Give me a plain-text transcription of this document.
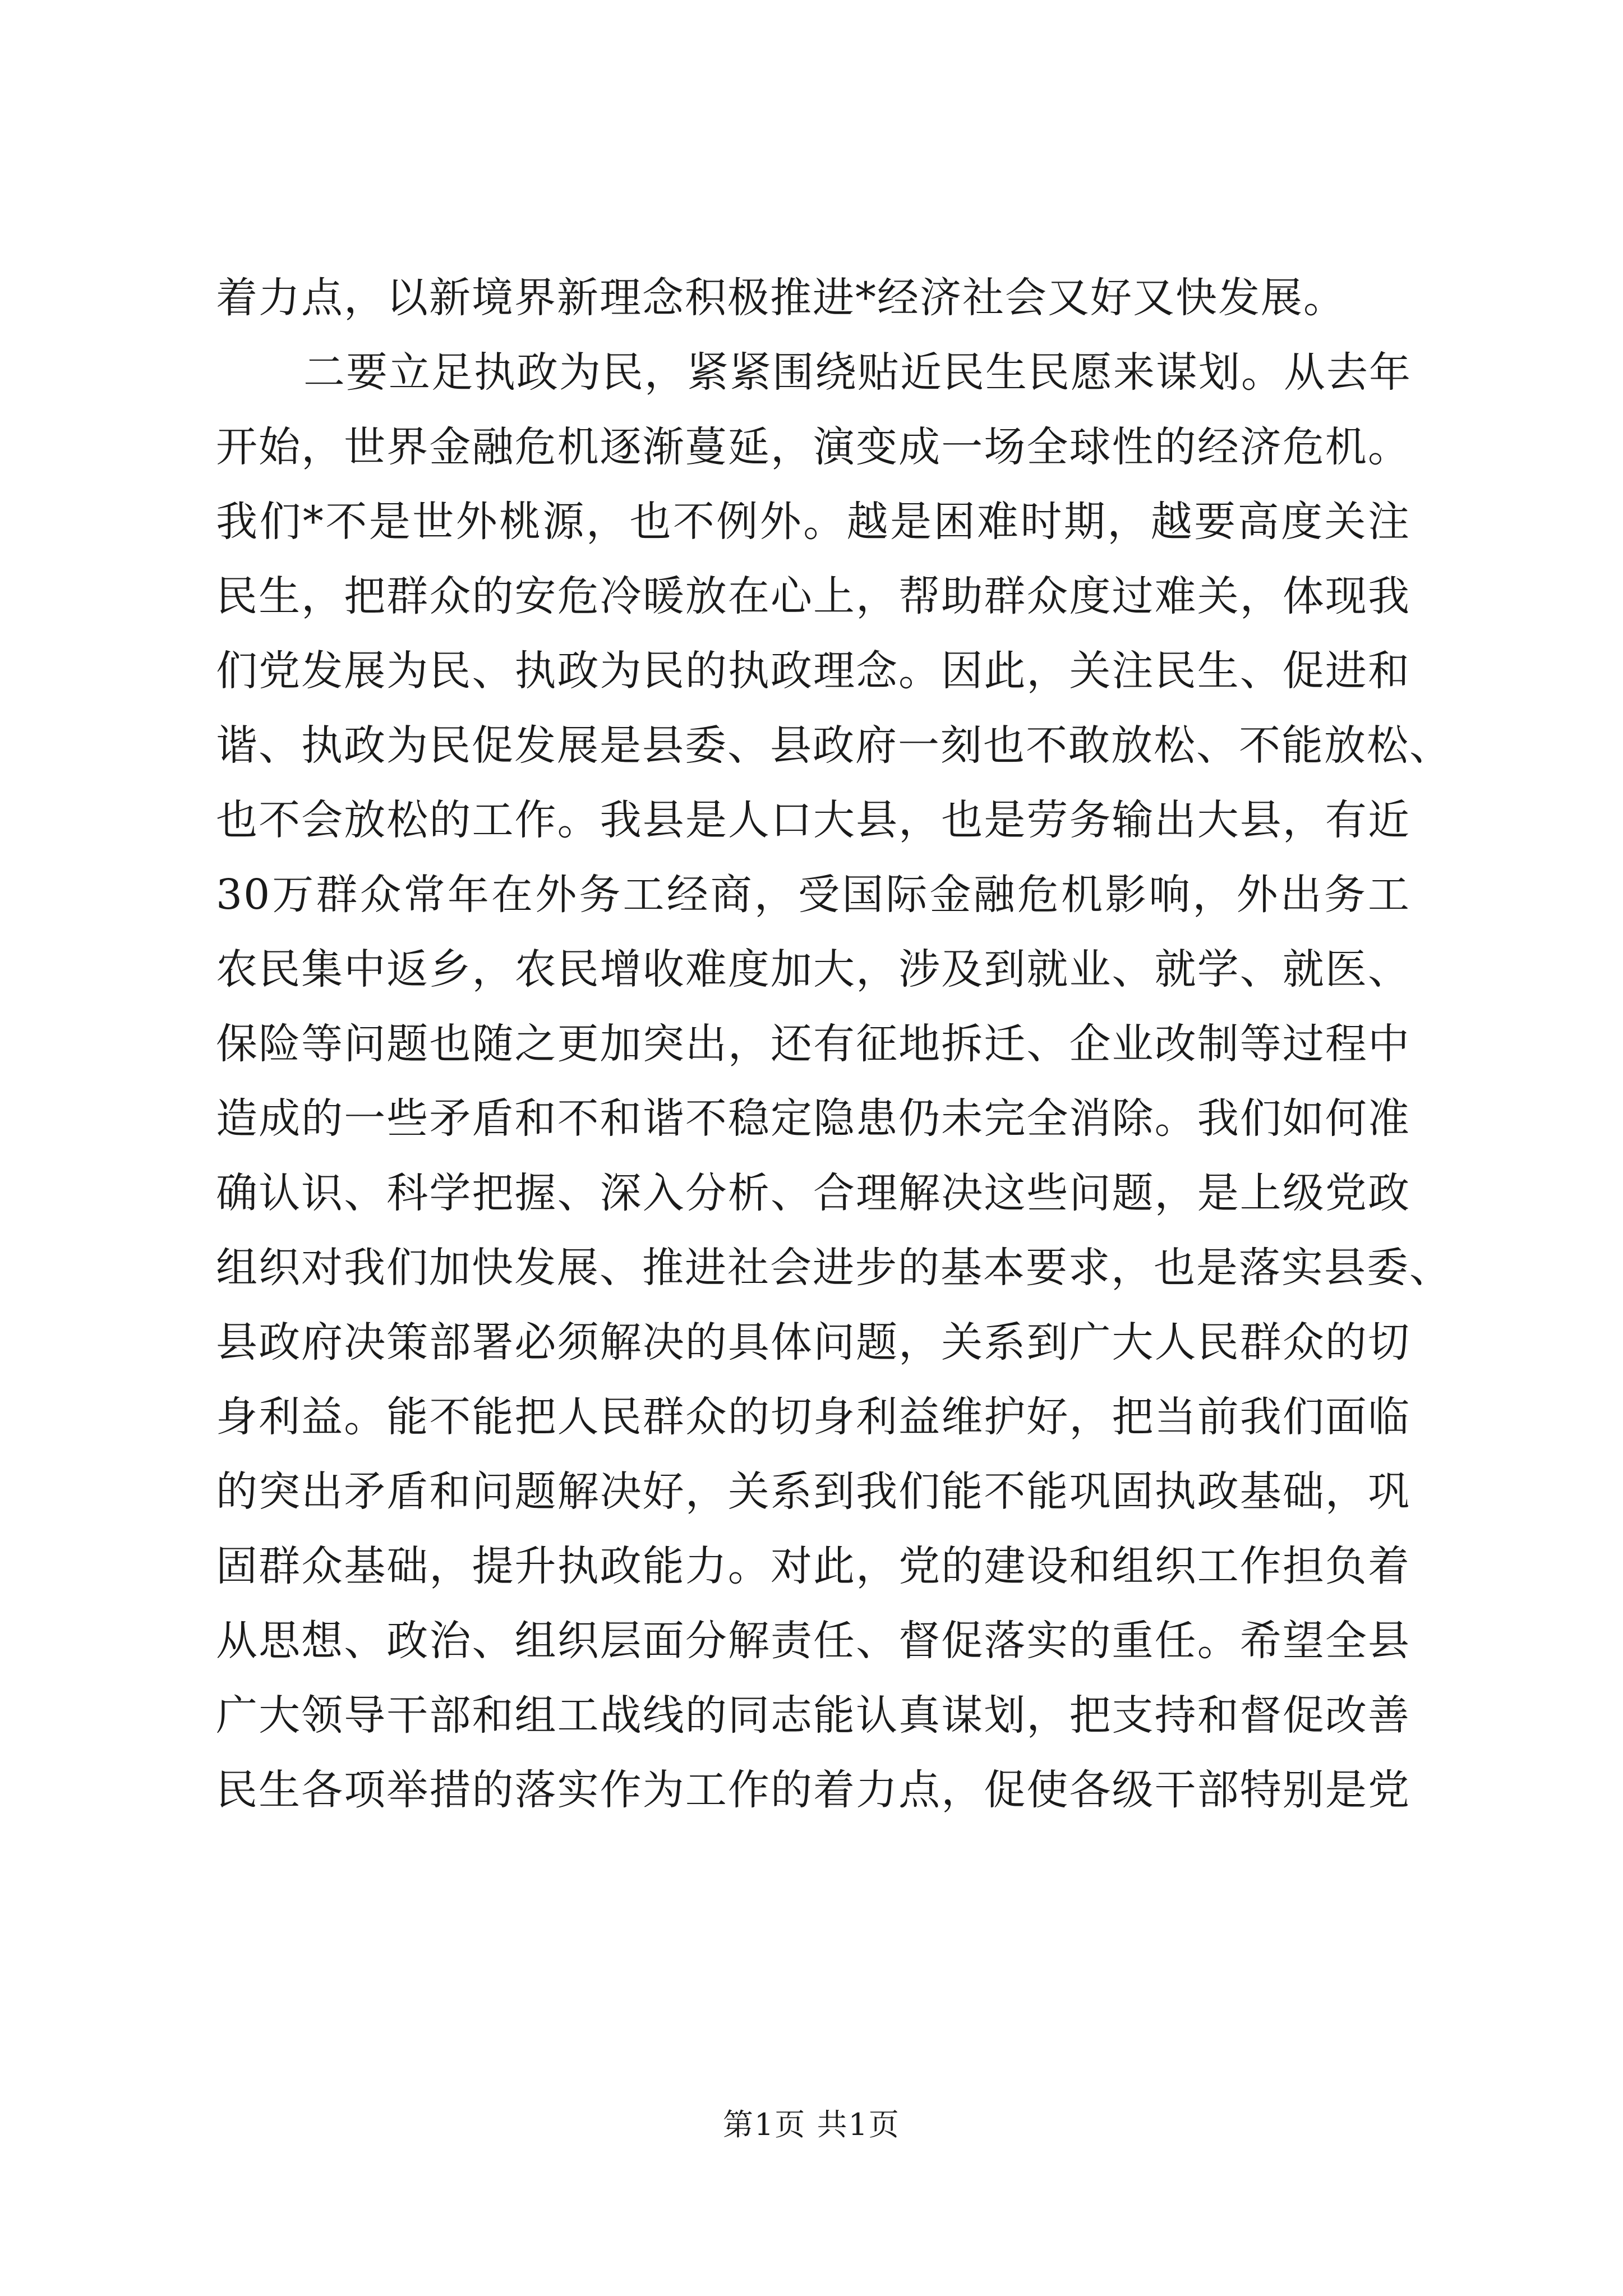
着力点，以新境界新理念积极推进*经济社会又好又快发展。
二要立足执政为民，紧紧围绕贴近民生民愿来谋划。从去年
开始，世界金融危机逐渐蔓延，演变成一场全球性的经济危机。
我们*不是世外桃源，也不例外。越是困难时期，越要高度关注
民生，把群众的安危冷暖放在心上，帮助群众度过难关，体现我
们党发展为民、执政为民的执政理念。因此，关注民生、促进和
谐、执政为民促发展是县委、县政府一刻也不敢放松、不能放松、
也不会放松的工作。我县是人口大县，也是劳务输出大县，有近
30万群众常年在外务工经商，受国际金融危机影响，外出务工
农民集中返乡，农民增收难度加大，涉及到就业、就学、就医、
保险等问题也随之更加突出，还有征地拆迁、企业改制等过程中
造成的一些矛盾和不和谐不稳定隐患仍未完全消除。我们如何准
确认识、科学把握、深入分析、合理解决这些问题，是上级党政
组织对我们加快发展、推进社会进步的基本要求，也是落实县委、
县政府决策部署必须解决的具体问题，关系到广大人民群众的切
身利益。能不能把人民群众的切身利益维护好，把当前我们面临
的突出矛盾和问题解决好，关系到我们能不能巩固执政基础，巩
固群众基础，提升执政能力。对此，党的建设和组织工作担负着
从思想、政治、组织层面分解责任、督促落实的重任。希望全县
广大领导干部和组工战线的同志能认真谋划，把支持和督促改善
民生各项举措的落实作为工作的着力点，促使各级干部特别是党
第1页 共1页
